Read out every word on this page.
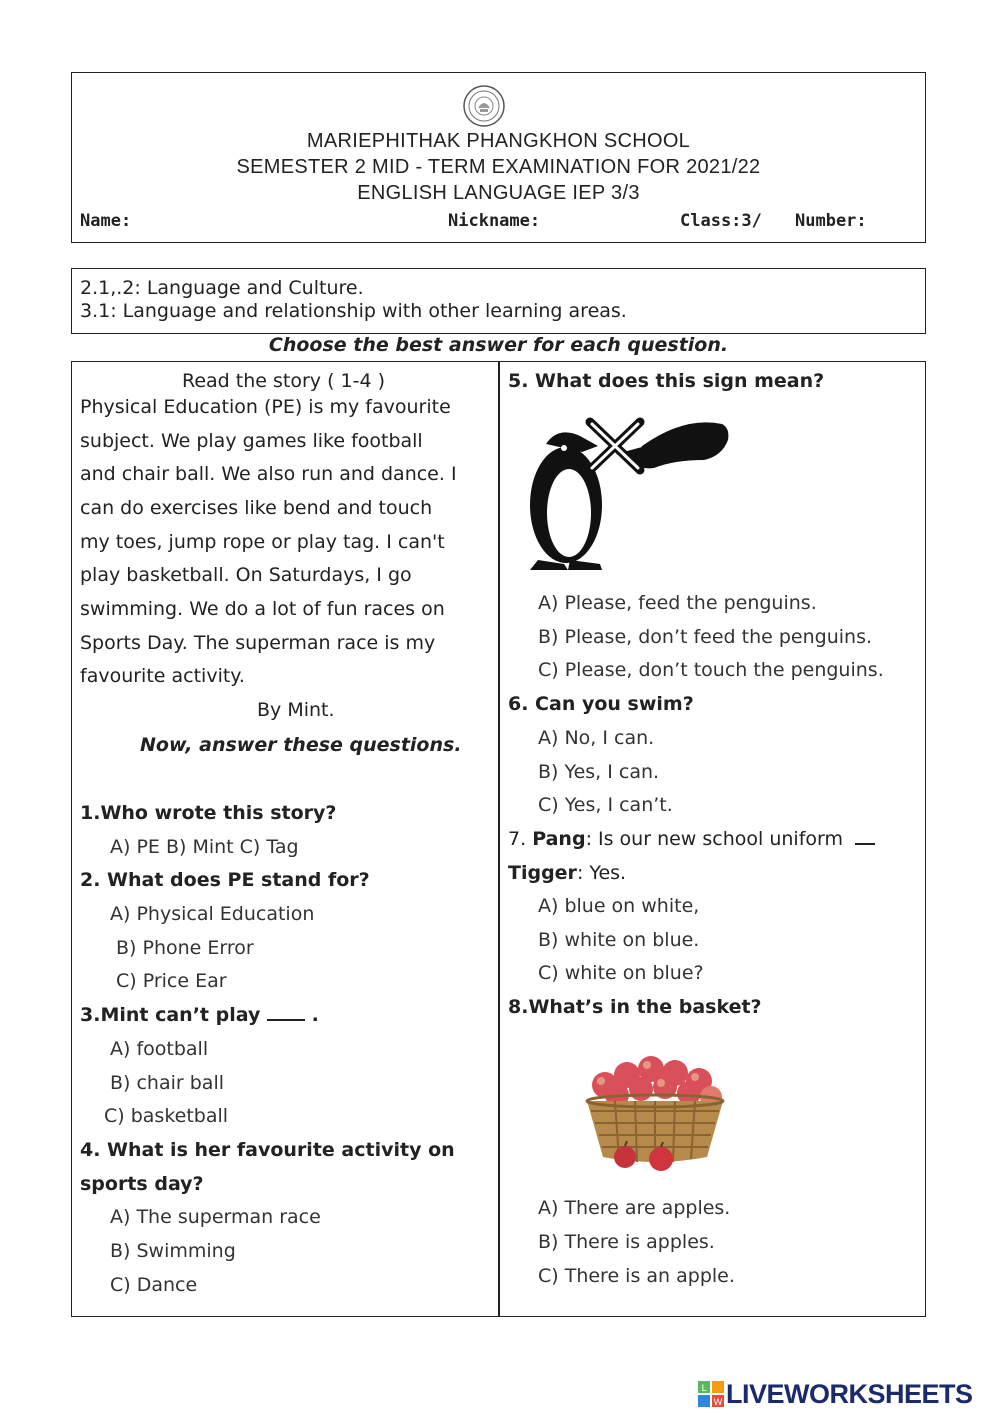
MARIEPHITHAK PHANGKHON SCHOOL
SEMESTER 2 MID - TERM EXAMINATION FOR 2021/22
ENGLISH LANGUAGE IEP 3/3
Name:	Nickname:	Class:3/ Number:
2.1,.2: Language and Culture.
3.1: Language and relationship with other learning areas.
Choose the best answer for each question.
Read the story ( 1-4 )
Physical Education (PE) is my favourite
subject. We play games like football
and chair ball. We also run and dance. I
can do exercises like bend and touch
my toes, jump rope or play tag. I can't
play basketball. On Saturdays, I go
swimming. We do a lot of fun races on
Sports Day. The superman race is my
favourite activity.
By Mint.
Now, answer these questions.
1.Who wrote this story?
A) PE B) Mint C) Tag
2. What does PE stand for?
A) Physical Education
B) Phone Error
C) Price Ear
3.Mint can’t play	.
A) football
B) chair ball
C) basketball
4. What is her favourite activity on
sports day?
A) The superman race
B) Swimming
C) Dance
5. What does this sign mean?
A) Please, feed the penguins.
B) Please, don’t feed the penguins.
C) Please, don’t touch the penguins.
6. Can you swim?
A) No, I can.
B) Yes, I can.
C) Yes, I can’t.
7. Pang: Is our new school uniform
Tigger: Yes.
A) blue on white,
B) white on blue.
C) white on blue?
8.What’s in the basket?
A) There are apples.
B) There is apples.
C) There is an apple.
L
W LIVEWORKSHEETS
